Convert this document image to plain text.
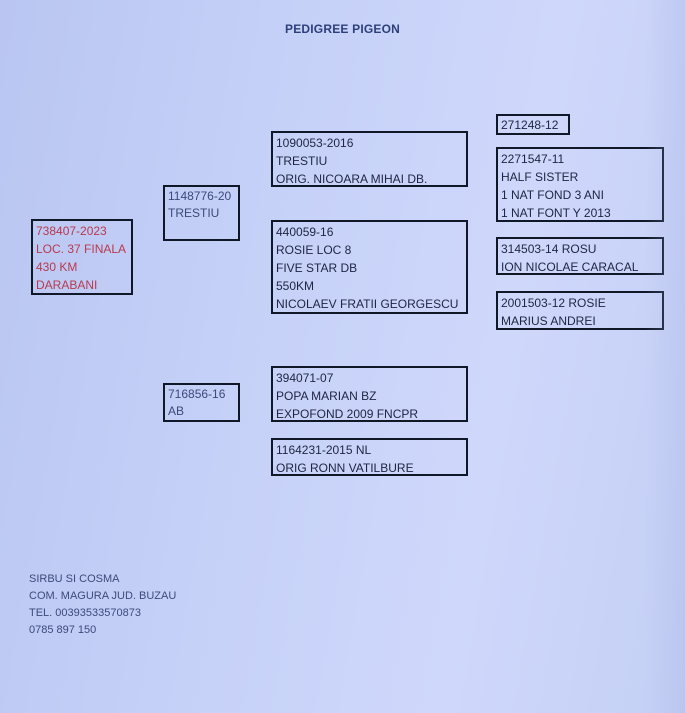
PEDIGREE PIGEON
738407-2023
LOC. 37 FINALA
430 KM
DARABANI
1148776-20
TRESTIU
716856-16
AB
1090053-2016
TRESTIU
ORIG. NICOARA MIHAI DB.
440059-16
ROSIE LOC 8
FIVE STAR DB
550KM
NICOLAEV FRATII GEORGESCU
394071-07
POPA MARIAN BZ
EXPOFOND 2009 FNCPR
1164231-2015 NL
ORIG RONN VATILBURE
271248-12
2271547-11
HALF SISTER
1 NAT FOND 3 ANI
1 NAT FONT Y 2013
314503-14 ROSU
ION NICOLAE CARACAL
2001503-12 ROSIE
MARIUS ANDREI
SIRBU SI COSMA
COM. MAGURA JUD. BUZAU
TEL. 00393533570873
0785 897 150
